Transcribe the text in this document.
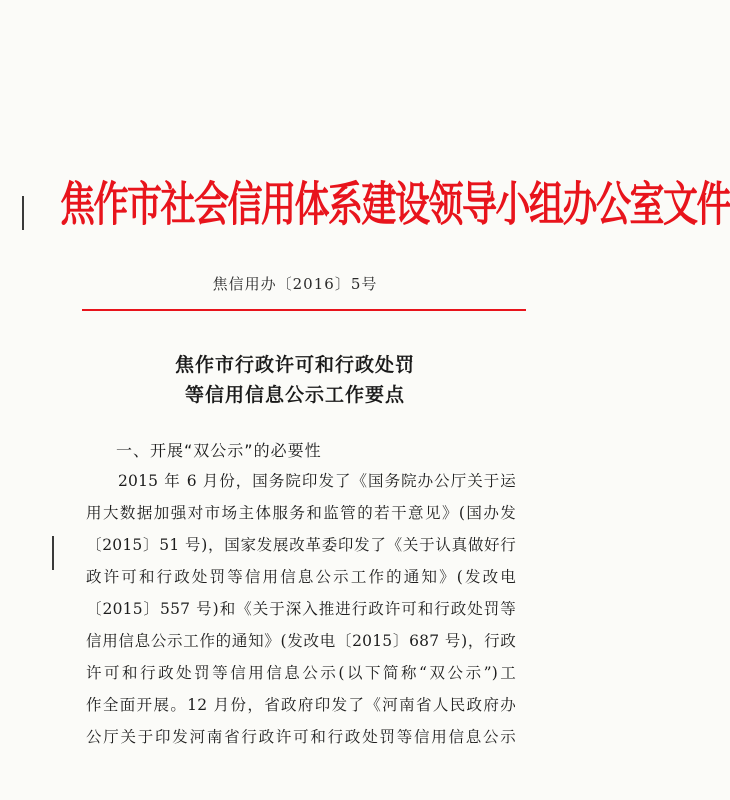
焦作市社会信用体系建设领导小组办公室文件
焦信用办〔2016〕5号
焦作市行政许可和行政处罚
等信用信息公示工作要点
一、开展“双公示”的必要性
2015 年 6 月份，国务院印发了《国务院办公厅关于运
用大数据加强对市场主体服务和监管的若干意见》(国办发
〔2015〕51 号)，国家发展改革委印发了《关于认真做好行
政许可和行政处罚等信用信息公示工作的通知》(发改电
〔2015〕557 号)和《关于深入推进行政许可和行政处罚等
信用信息公示工作的通知》(发改电〔2015〕687 号)，行政
许可和行政处罚等信用信息公示(以下简称“双公示”)工
作全面开展。12 月份，省政府印发了《河南省人民政府办
公厅关于印发河南省行政许可和行政处罚等信用信息公示
